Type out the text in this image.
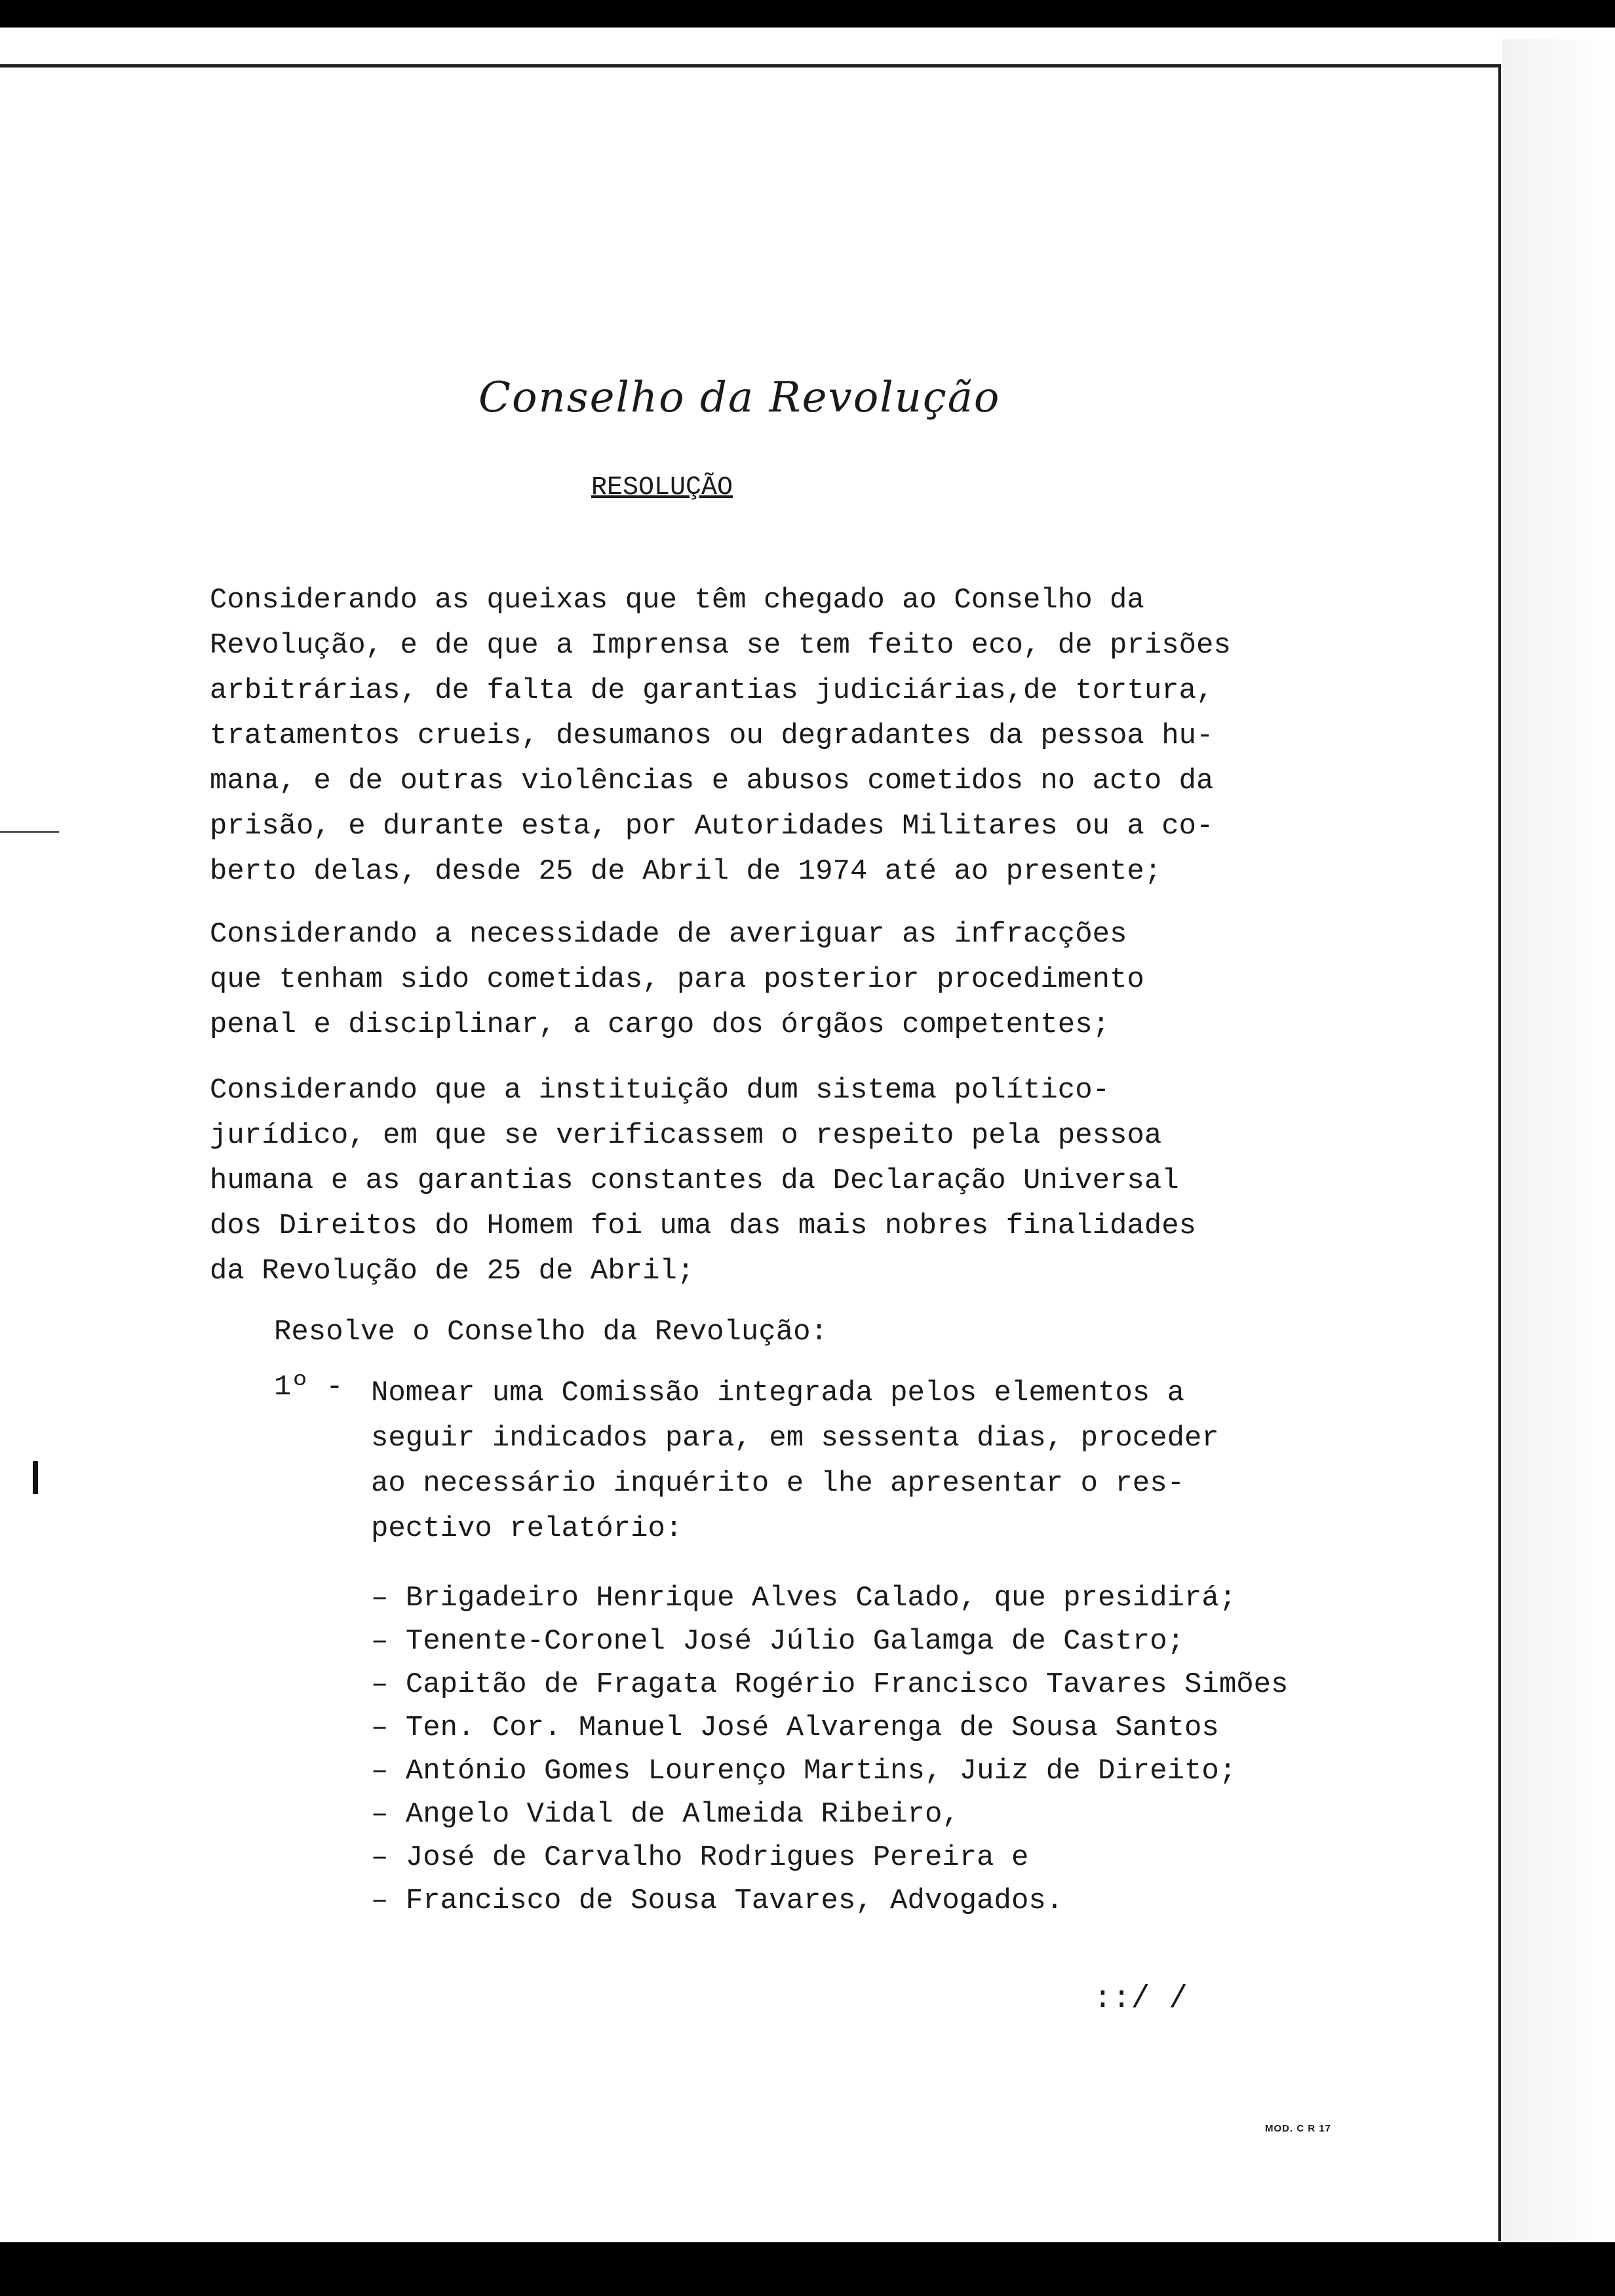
Conselho da Revolução
RESOLUÇÃO
Considerando as queixas que têm chegado ao Conselho da
Revolução, e de que a Imprensa se tem feito eco, de prisões
arbitrárias, de falta de garantias judiciárias,de tortura,
tratamentos crueis, desumanos ou degradantes da pessoa hu-
mana, e de outras violências e abusos cometidos no acto da
prisão, e durante esta, por Autoridades Militares ou a co-
berto delas, desde 25 de Abril de 1974 até ao presente;
Considerando a necessidade de averiguar as infracções
que tenham sido cometidas, para posterior procedimento
penal e disciplinar, a cargo dos órgãos competentes;
Considerando que a instituição dum sistema político-
jurídico, em que se verificassem o respeito pela pessoa
humana e as garantias constantes da Declaração Universal
dos Direitos do Homem foi uma das mais nobres finalidades
da Revolução de 25 de Abril;
Resolve o Conselho da Revolução:
1º - Nomear uma Comissão integrada pelos elementos a
seguir indicados para, em sessenta dias, proceder
ao necessário inquérito e lhe apresentar o res-
pectivo relatório:
– Brigadeiro Henrique Alves Calado, que presidirá;
– Tenente-Coronel José Júlio Galamga de Castro;
– Capitão de Fragata Rogério Francisco Tavares Simões
– Ten. Cor. Manuel José Alvarenga de Sousa Santos
– António Gomes Lourenço Martins, Juiz de Direito;
– Angelo Vidal de Almeida Ribeiro,
– José de Carvalho Rodrigues Pereira e
– Francisco de Sousa Tavares, Advogados.
::/ /
MOD. C R 17
